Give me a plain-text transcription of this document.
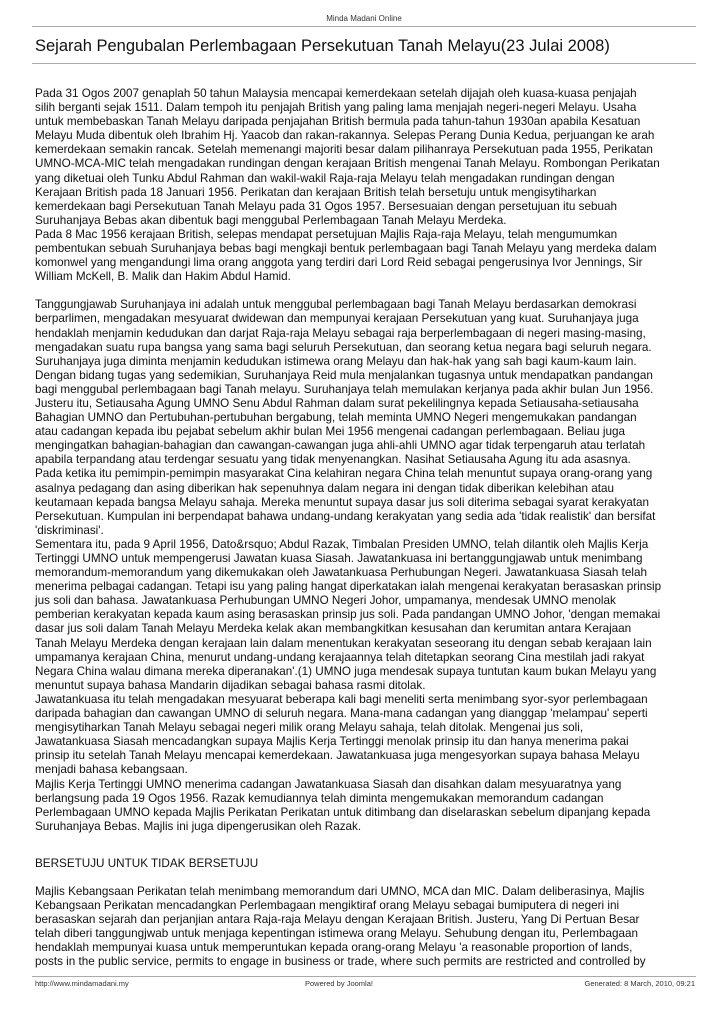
Minda Madani Online
Sejarah Pengubalan Perlembagaan Persekutuan Tanah Melayu(23 Julai 2008)

Pada 31 Ogos 2007 genaplah 50 tahun Malaysia mencapai kemerdekaan setelah dijajah oleh kuasa-kuasa penjajah

silih berganti sejak 1511. Dalam tempoh itu penjajah British yang paling lama menjajah negeri-negeri Melayu. Usaha

untuk membebaskan Tanah Melayu daripada penjajahan British bermula pada tahun-tahun 1930an apabila Kesatuan

Melayu Muda dibentuk oleh Ibrahim Hj. Yaacob dan rakan-rakannya. Selepas Perang Dunia Kedua, perjuangan ke arah

kemerdekaan semakin rancak. Setelah memenangi majoriti besar dalam pilihanraya Persekutuan pada 1955, Perikatan

UMNO-MCA-MIC telah mengadakan rundingan dengan kerajaan British mengenai Tanah Melayu. Rombongan Perikatan

yang diketuai oleh Tunku Abdul Rahman dan wakil-wakil Raja-raja Melayu telah mengadakan rundingan dengan

Kerajaan British pada 18 Januari 1956. Perikatan dan kerajaan British telah bersetuju untuk mengisytiharkan

kemerdekaan bagi Persekutuan Tanah Melayu pada 31 Ogos 1957. Bersesuaian dengan persetujuan itu sebuah

Suruhanjaya Bebas akan dibentuk bagi menggubal Perlembagaan Tanah Melayu Merdeka.

Pada 8 Mac 1956 kerajaan British, selepas mendapat persetujuan Majlis Raja-raja Melayu, telah mengumumkan

pembentukan sebuah Suruhanjaya bebas bagi mengkaji bentuk perlembagaan bagi Tanah Melayu yang merdeka dalam

komonwel yang mengandungi lima orang anggota yang terdiri dari Lord Reid sebagai pengerusinya Ivor Jennings, Sir

William McKell, B. Malik dan Hakim Abdul Hamid.

Tanggungjawab Suruhanjaya ini adalah untuk menggubal perlembagaan bagi Tanah Melayu berdasarkan demokrasi

berparlimen, mengadakan mesyuarat dwidewan dan mempunyai kerajaan Persekutuan yang kuat. Suruhanjaya juga

hendaklah menjamin kedudukan dan darjat Raja-raja Melayu sebagai raja berperlembagaan di negeri masing-masing,

mengadakan suatu rupa bangsa yang sama bagi seluruh Persekutuan, dan seorang ketua negara bagi seluruh negara.

Suruhanjaya juga diminta menjamin kedudukan istimewa orang Melayu dan hak-hak yang sah bagi kaum-kaum lain.

Dengan bidang tugas yang sedemikian, Suruhanjaya Reid mula menjalankan tugasnya untuk mendapatkan pandangan

bagi menggubal perlembagaan bagi Tanah melayu. Suruhanjaya telah memulakan kerjanya pada akhir bulan Jun 1956.

Justeru itu, Setiausaha Agung UMNO Senu Abdul Rahman dalam surat pekelilingnya kepada Setiausaha-setiausaha

Bahagian UMNO dan Pertubuhan-pertubuhan bergabung, telah meminta UMNO Negeri mengemukakan pandangan

atau cadangan kepada ibu pejabat sebelum akhir bulan Mei 1956 mengenai cadangan perlembagaan. Beliau juga

mengingatkan bahagian-bahagian dan cawangan-cawangan juga ahli-ahli UMNO agar tidak terpengaruh atau terlatah

apabila terpandang atau terdengar sesuatu yang tidak menyenangkan. Nasihat Setiausaha Agung itu ada asasnya.

Pada ketika itu pemimpin-pemimpin masyarakat Cina kelahiran negara China telah menuntut supaya orang-orang yang

asalnya pedagang dan asing diberikan hak sepenuhnya dalam negara ini dengan tidak diberikan kelebihan atau

keutamaan kepada bangsa Melayu sahaja. Mereka menuntut supaya dasar jus soli diterima sebagai syarat kerakyatan

Persekutuan. Kumpulan ini berpendapat bahawa undang-undang kerakyatan yang sedia ada 'tidak realistik' dan bersifat

'diskriminasi'.

Sementara itu, pada 9 April 1956, Dato&rsquo; Abdul Razak, Timbalan Presiden UMNO, telah dilantik oleh Majlis Kerja

Tertinggi UMNO untuk mempengerusi Jawatan kuasa Siasah. Jawatankuasa ini bertanggungjawab untuk menimbang

memorandum-memorandum yang dikemukakan oleh Jawatankuasa Perhubungan Negeri. Jawatankuasa Siasah telah

menerima pelbagai cadangan. Tetapi isu yang paling hangat diperkatakan ialah mengenai kerakyatan berasaskan prinsip

jus soli dan bahasa. Jawatankuasa Perhubungan UMNO Negeri Johor, umpamanya, mendesak UMNO menolak

pemberian kerakyatan kepada kaum asing berasaskan prinsip jus soli. Pada pandangan UMNO Johor, 'dengan memakai

dasar jus soli dalam Tanah Melayu Merdeka kelak akan membangkitkan kesusahan dan kerumitan antara Kerajaan

Tanah Melayu Merdeka dengan kerajaan lain dalam menentukan kerakyatan seseorang itu dengan sebab kerajaan lain

umpamanya kerajaan China, menurut undang-undang kerajaannya telah ditetapkan seorang Cina mestilah jadi rakyat

Negara China walau dimana mereka diperanakan'.(1) UMNO juga mendesak supaya tuntutan kaum bukan Melayu yang

menuntut supaya bahasa Mandarin dijadikan sebagai bahasa rasmi ditolak.

Jawatankuasa itu telah mengadakan mesyuarat beberapa kali bagi meneliti serta menimbang syor-syor perlembagaan

daripada bahagian dan cawangan UMNO di seluruh negara. Mana-mana cadangan yang dianggap 'melampau' seperti

mengisytiharkan Tanah Melayu sebagai negeri milik orang Melayu sahaja, telah ditolak. Mengenai jus soli,

Jawatankuasa Siasah mencadangkan supaya Majlis Kerja Tertinggi menolak prinsip itu dan hanya menerima pakai

prinsip itu setelah Tanah Melayu mencapai kemerdekaan. Jawatankuasa juga mengesyorkan supaya bahasa Melayu

menjadi bahasa kebangsaan.

Majlis Kerja Tertinggi UMNO menerima cadangan Jawatankuasa Siasah dan disahkan dalam mesyuaratnya yang

berlangsung pada 19 Ogos 1956. Razak kemudiannya telah diminta mengemukakan memorandum cadangan

Perlembagaan UMNO kepada Majlis Perikatan Perikatan untuk ditimbang dan diselaraskan sebelum dipanjang kepada

Suruhanjaya Bebas. Majlis ini juga dipengerusikan oleh Razak.

BERSETUJU UNTUK TIDAK BERSETUJU

Majlis Kebangsaan Perikatan telah menimbang memorandum dari UMNO, MCA dan MIC. Dalam deliberasinya, Majlis

Kebangsaan Perikatan mencadangkan Perlembagaan mengiktiraf orang Melayu sebagai bumiputera di negeri ini

berasaskan sejarah dan perjanjian antara Raja-raja Melayu dengan Kerajaan British. Justeru, Yang Di Pertuan Besar

telah diberi tanggungjwab untuk menjaga kepentingan istimewa orang Melayu. Sehubung dengan itu, Perlembagaan

hendaklah mempunyai kuasa untuk memperuntukan kepada orang-orang Melayu 'a reasonable proportion of lands,

posts in the public service, permits to engage in business or trade, where such permits are restricted and controlled by

http://www.mindamadani.my	Powered by Joomla!	Generated: 8 March, 2010, 09:21
